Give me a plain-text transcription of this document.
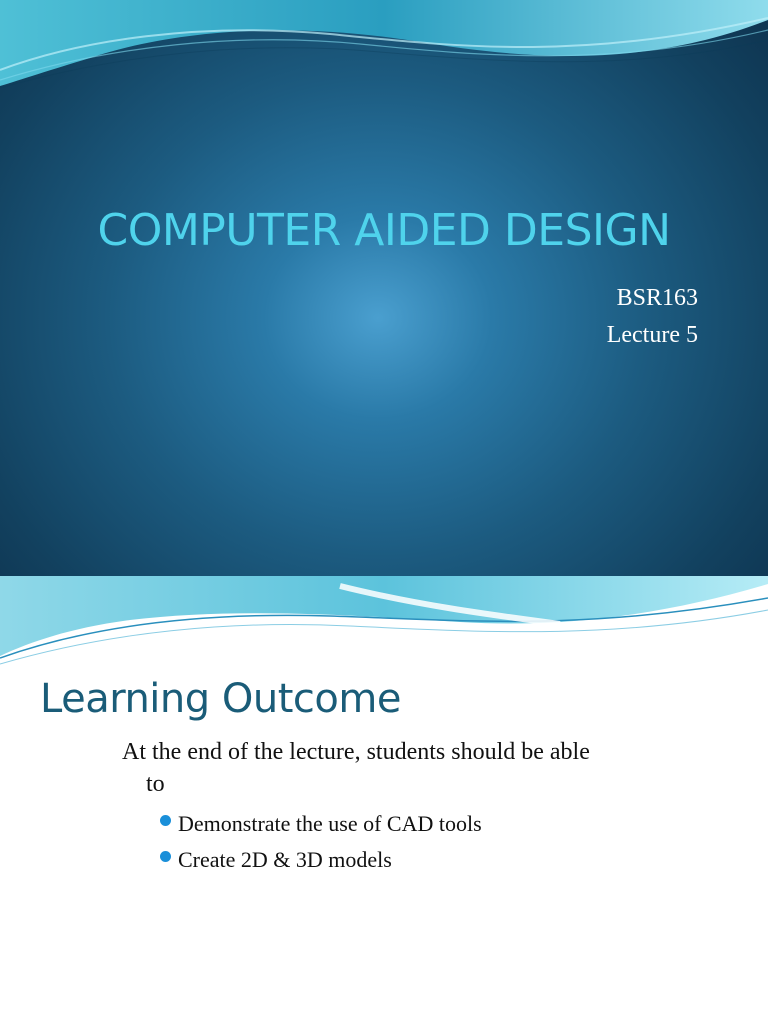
COMPUTER AIDED DESIGN
BSR163
Lecture 5
Learning Outcome
At the end of the lecture, students should be able
to
Demonstrate the use of CAD tools
Create 2D & 3D models
